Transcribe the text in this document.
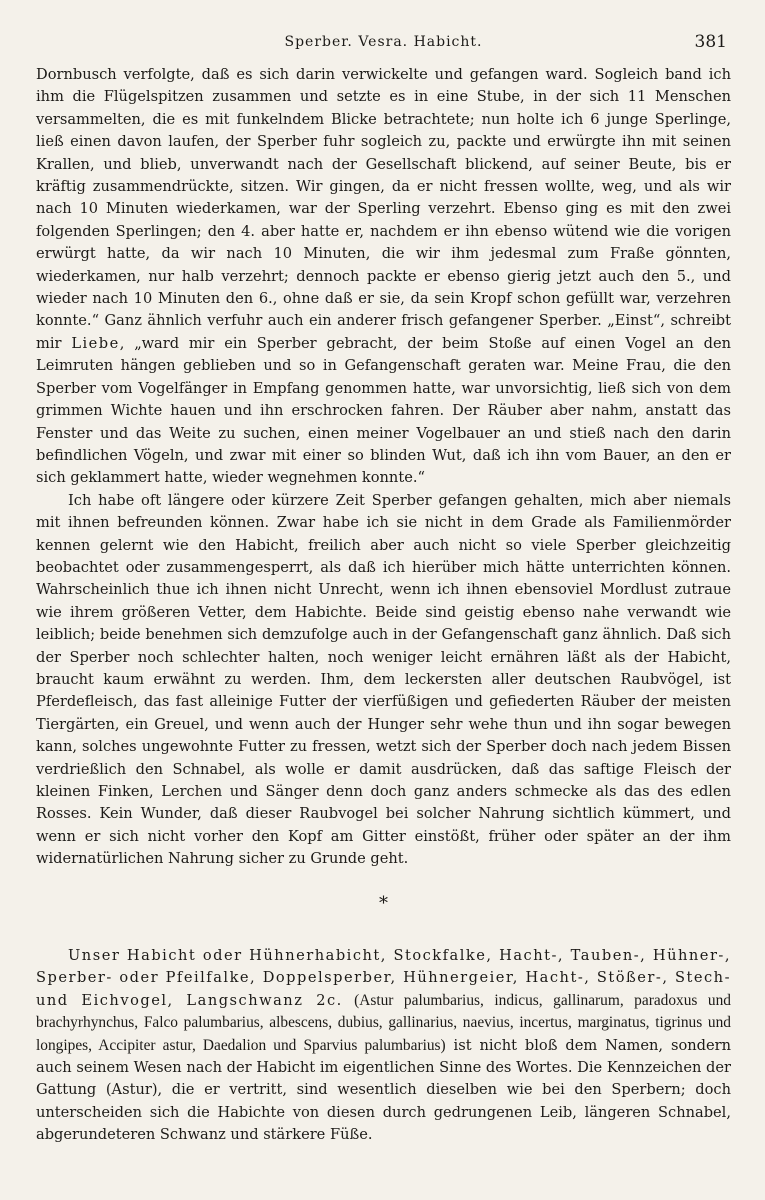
Sperber. Vesra. Habicht.	381

Dornbusch verfolgte, daß es sich darin verwickelte und gefangen ward. Sogleich band ich ihm die Flügelspitzen zusammen und setzte es in eine Stube, in der sich 11 Menschen versammelten, die es mit funkelndem Blicke betrachtete; nun holte ich 6 junge Sperlinge, ließ einen davon laufen, der Sperber fuhr sogleich zu, packte und erwürgte ihn mit seinen Krallen, und blieb, unverwandt nach der Gesellschaft blickend, auf seiner Beute, bis er kräftig zusammendrückte, sitzen. Wir gingen, da er nicht fressen wollte, weg, und als wir nach 10 Minuten wiederkamen, war der Sperling verzehrt. Ebenso ging es mit den zwei folgenden Sperlingen; den 4. aber hatte er, nachdem er ihn ebenso wütend wie die vorigen erwürgt hatte, da wir nach 10 Minuten, die wir ihm jedesmal zum Fraße gönnten, wiederkamen, nur halb verzehrt; dennoch packte er ebenso gierig jetzt auch den 5., und wieder nach 10 Minuten den 6., ohne daß er sie, da sein Kropf schon gefüllt war, verzehren konnte.“ Ganz ähnlich verfuhr auch ein anderer frisch gefangener Sperber. „Einst“, schreibt mir Liebe, „ward mir ein Sperber gebracht, der beim Stoße auf einen Vogel an den Leimruten hängen geblieben und so in Gefangenschaft geraten war. Meine Frau, die den Sperber vom Vogelfänger in Empfang genommen hatte, war unvorsichtig, ließ sich von dem grimmen Wichte hauen und ihn erschrocken fahren. Der Räuber aber nahm, anstatt das Fenster und das Weite zu suchen, einen meiner Vogelbauer an und stieß nach den darin befindlichen Vögeln, und zwar mit einer so blinden Wut, daß ich ihn vom Bauer, an den er sich geklammert hatte, wieder wegnehmen konnte.“

Ich habe oft längere oder kürzere Zeit Sperber gefangen gehalten, mich aber niemals mit ihnen befreunden können. Zwar habe ich sie nicht in dem Grade als Familienmörder kennen gelernt wie den Habicht, freilich aber auch nicht so viele Sperber gleichzeitig beobachtet oder zusammengesperrt, als daß ich hierüber mich hätte unterrichten können. Wahrscheinlich thue ich ihnen nicht Unrecht, wenn ich ihnen ebensoviel Mordlust zutraue wie ihrem größeren Vetter, dem Habichte. Beide sind geistig ebenso nahe verwandt wie leiblich; beide benehmen sich demzufolge auch in der Gefangenschaft ganz ähnlich. Daß sich der Sperber noch schlechter halten, noch weniger leicht ernähren läßt als der Habicht, braucht kaum erwähnt zu werden. Ihm, dem leckersten aller deutschen Raubvögel, ist Pferdefleisch, das fast alleinige Futter der vierfüßigen und gefiederten Räuber der meisten Tiergärten, ein Greuel, und wenn auch der Hunger sehr wehe thun und ihn sogar bewegen kann, solches ungewohnte Futter zu fressen, wetzt sich der Sperber doch nach jedem Bissen verdrießlich den Schnabel, als wolle er damit ausdrücken, daß das saftige Fleisch der kleinen Finken, Lerchen und Sänger denn doch ganz anders schmecke als das des edlen Rosses. Kein Wunder, daß dieser Raubvogel bei solcher Nahrung sichtlich kümmert, und wenn er sich nicht vorher den Kopf am Gitter einstößt, früher oder später an der ihm widernatürlichen Nahrung sicher zu Grunde geht.

*

Unser Habicht oder Hühnerhabicht, Stockfalke, Hacht-, Tauben-, Hühner-, Sperber- oder Pfeilfalke, Doppelsperber, Hühnergeier, Hacht-, Stößer-, Stech- und Eichvogel, Langschwanz 2c. (Astur palumbarius, indicus, gallinarum, paradoxus und brachyrhynchus, Falco palumbarius, albescens, dubius, gallinarius, naevius, incertus, marginatus, tigrinus und longipes, Accipiter astur, Daedalion und Sparvius palumbarius) ist nicht bloß dem Namen, sondern auch seinem Wesen nach der Habicht im eigentlichen Sinne des Wortes. Die Kennzeichen der Gattung (Astur), die er vertritt, sind wesentlich dieselben wie bei den Sperbern; doch unterscheiden sich die Habichte von diesen durch gedrungenen Leib, längeren Schnabel, abgerundeteren Schwanz und stärkere Füße.
